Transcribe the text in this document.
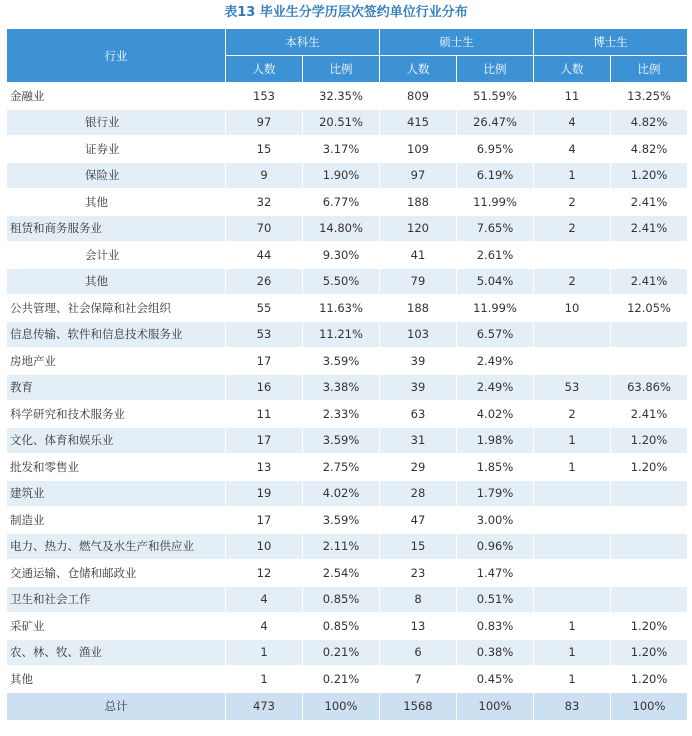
表13 毕业生分学历层次签约单位行业分布
行业	本科生		硕士生		博士生	
	人数	比例	人数	比例	人数	比例
金融业	153	32.35%	809	51.59%	11	13.25%
银行业	97	20.51%	415	26.47%	4	4.82%
证券业	15	3.17%	109	6.95%	4	4.82%
保险业	9	1.90%	97	6.19%	1	1.20%
其他	32	6.77%	188	11.99%	2	2.41%
租赁和商务服务业	70	14.80%	120	7.65%	2	2.41%
会计业	44	9.30%	41	2.61%		
其他	26	5.50%	79	5.04%	2	2.41%
公共管理、社会保障和社会组织	55	11.63%	188	11.99%	10	12.05%
信息传输、软件和信息技术服务业	53	11.21%	103	6.57%		
房地产业	17	3.59%	39	2.49%		
教育	16	3.38%	39	2.49%	53	63.86%
科学研究和技术服务业	11	2.33%	63	4.02%	2	2.41%
文化、体育和娱乐业	17	3.59%	31	1.98%	1	1.20%
批发和零售业	13	2.75%	29	1.85%	1	1.20%
建筑业	19	4.02%	28	1.79%		
制造业	17	3.59%	47	3.00%		
电力、热力、燃气及水生产和供应业	10	2.11%	15	0.96%		
交通运输、仓储和邮政业	12	2.54%	23	1.47%		
卫生和社会工作	4	0.85%	8	0.51%		
采矿业	4	0.85%	13	0.83%	1	1.20%
农、林、牧、渔业	1	0.21%	6	0.38%	1	1.20%
其他	1	0.21%	7	0.45%	1	1.20%
总计	473	100%	1568	100%	83	100%
